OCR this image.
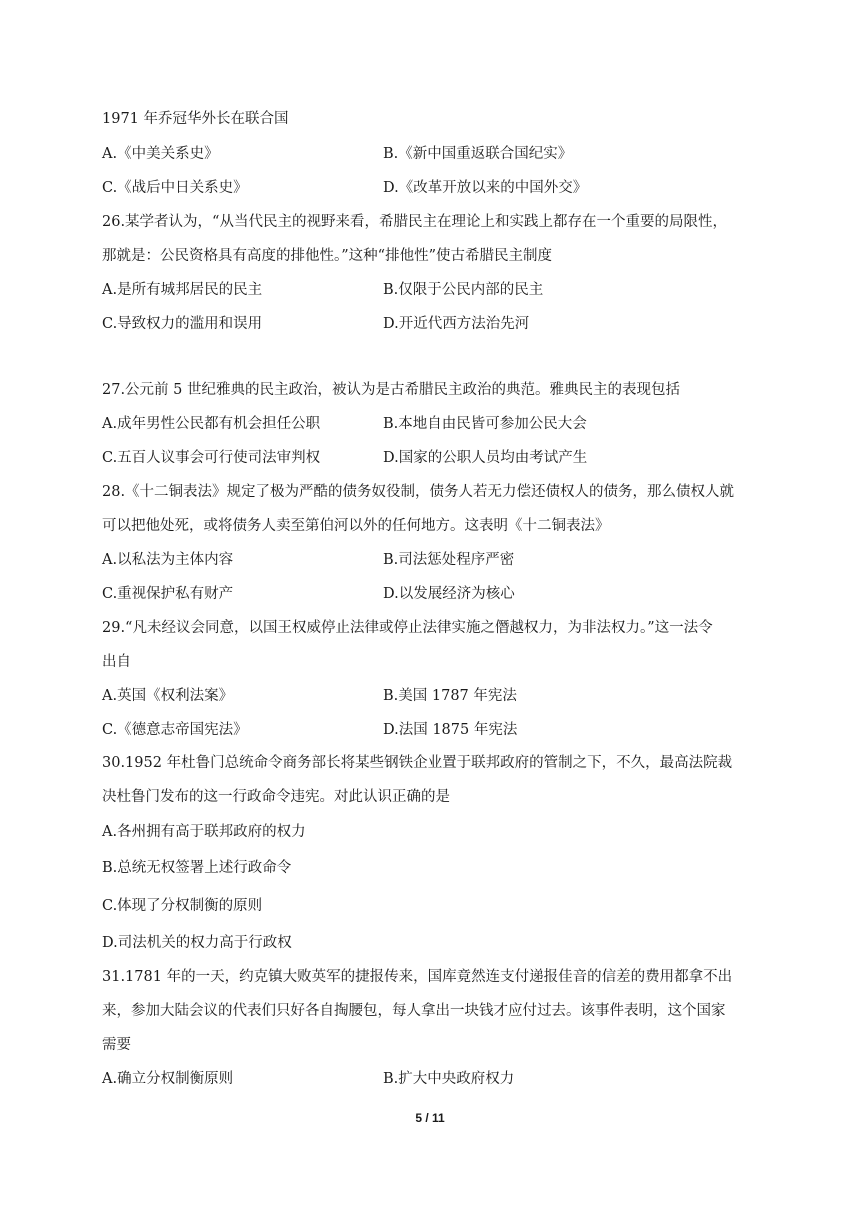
1971 年乔冠华外长在联合国
A.《中美关系史》	B.《新中国重返联合国纪实》
C.《战后中日关系史》	D.《改革开放以来的中国外交》
26.某学者认为，“从当代民主的视野来看，希腊民主在理论上和实践上都存在一个重要的局限性，
那就是：公民资格具有高度的排他性。”这种“排他性”使古希腊民主制度
A.是所有城邦居民的民主	B.仅限于公民内部的民主
C.导致权力的滥用和误用	D.开近代西方法治先河
27.公元前 5 世纪雅典的民主政治，被认为是古希腊民主政治的典范。雅典民主的表现包括
A.成年男性公民都有机会担任公职	B.本地自由民皆可参加公民大会
C.五百人议事会可行使司法审判权	D.国家的公职人员均由考试产生
28.《十二铜表法》规定了极为严酷的债务奴役制，债务人若无力偿还债权人的债务，那么债权人就
可以把他处死，或将债务人卖至第伯河以外的任何地方。这表明《十二铜表法》
A.以私法为主体内容	B.司法惩处程序严密
C.重视保护私有财产	D.以发展经济为核心
29.“凡未经议会同意，以国王权威停止法律或停止法律实施之僭越权力，为非法权力。”这一法令
出自
A.英国《权利法案》	B.美国 1787 年宪法
C.《德意志帝国宪法》	D.法国 1875 年宪法
30.1952 年杜鲁门总统命令商务部长将某些钢铁企业置于联邦政府的管制之下，不久，最高法院裁
决杜鲁门发布的这一行政命令违宪。对此认识正确的是
A.各州拥有高于联邦政府的权力
B.总统无权签署上述行政命令
C.体现了分权制衡的原则
D.司法机关的权力高于行政权
31.1781 年的一天，约克镇大败英军的捷报传来，国库竟然连支付递报佳音的信差的费用都拿不出
来，参加大陆会议的代表们只好各自掏腰包，每人拿出一块钱才应付过去。该事件表明，这个国家
需要
A.确立分权制衡原则	B.扩大中央政府权力
5 / 11
